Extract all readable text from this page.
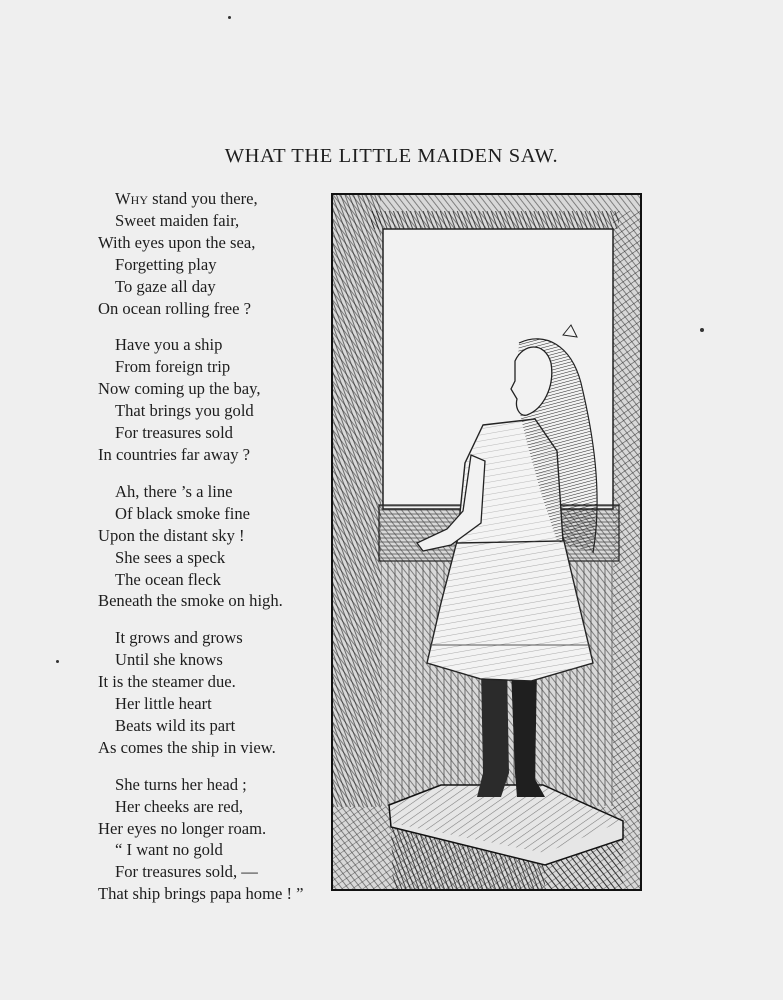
WHAT THE LITTLE MAIDEN SAW.
Why stand you there,
Sweet maiden fair,
With eyes upon the sea,
Forgetting play
To gaze all day
On ocean rolling free ?
Have you a ship
From foreign trip
Now coming up the bay,
That brings you gold
For treasures sold
In countries far away ?
Ah, there ’s a line
Of black smoke fine
Upon the distant sky !
She sees a speck
The ocean fleck
Beneath the smoke on high.
It grows and grows
Until she knows
It is the steamer due.
Her little heart
Beats wild its part
As comes the ship in view.
She turns her head ;
Her cheeks are red,
Her eyes no longer roam.
“ I want no gold
For treasures sold, —
That ship brings papa home ! ”
